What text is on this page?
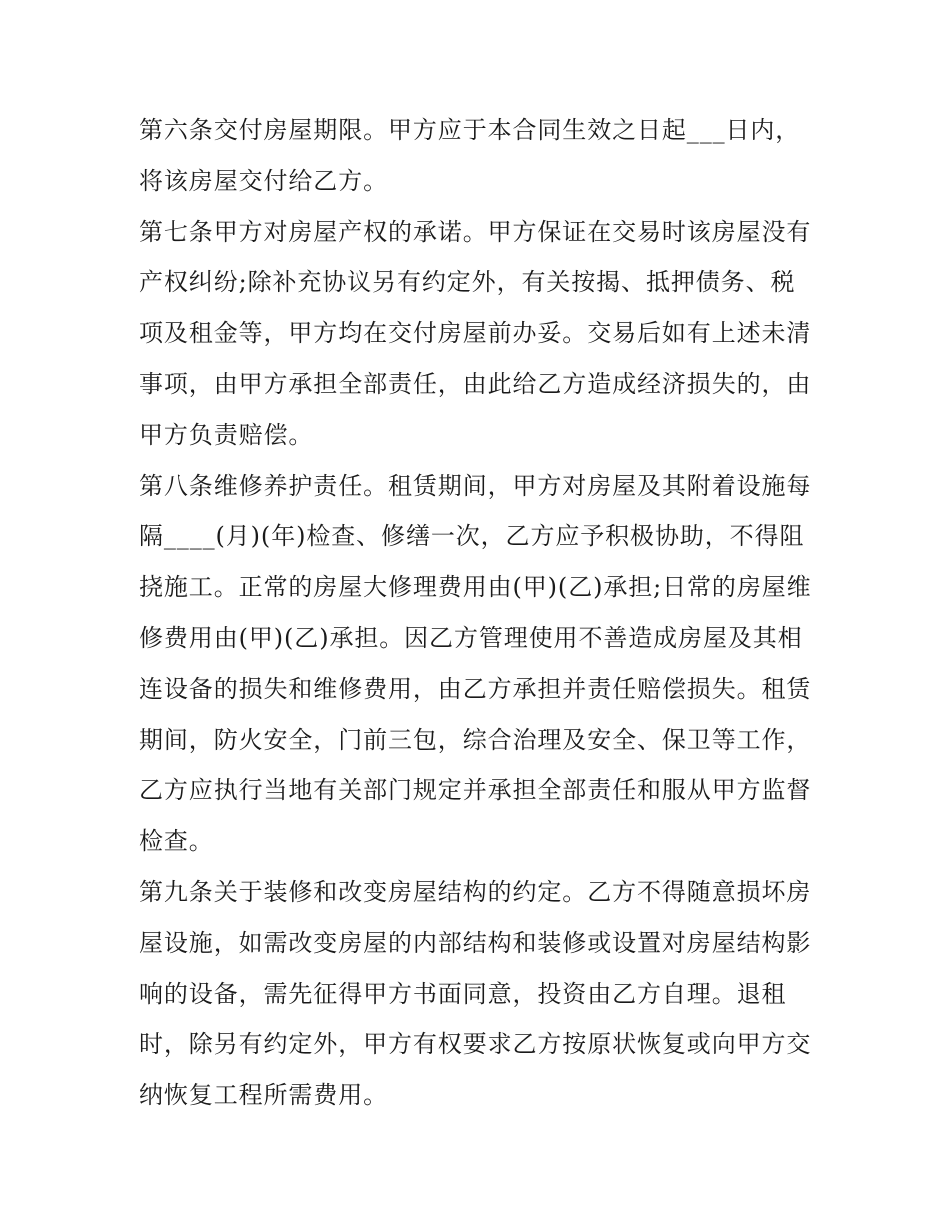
第六条交付房屋期限。甲方应于本合同生效之日起___日内，
将该房屋交付给乙方。
第七条甲方对房屋产权的承诺。甲方保证在交易时该房屋没有
产权纠纷;除补充协议另有约定外，有关按揭、抵押债务、税
项及租金等，甲方均在交付房屋前办妥。交易后如有上述未清
事项，由甲方承担全部责任，由此给乙方造成经济损失的，由
甲方负责赔偿。
第八条维修养护责任。租赁期间，甲方对房屋及其附着设施每
隔____(月)(年)检查、修缮一次，乙方应予积极协助，不得阻
挠施工。正常的房屋大修理费用由(甲)(乙)承担;日常的房屋维
修费用由(甲)(乙)承担。因乙方管理使用不善造成房屋及其相
连设备的损失和维修费用，由乙方承担并责任赔偿损失。租赁
期间，防火安全，门前三包，综合治理及安全、保卫等工作，
乙方应执行当地有关部门规定并承担全部责任和服从甲方监督
检查。
第九条关于装修和改变房屋结构的约定。乙方不得随意损坏房
屋设施，如需改变房屋的内部结构和装修或设置对房屋结构影
响的设备，需先征得甲方书面同意，投资由乙方自理。退租
时，除另有约定外，甲方有权要求乙方按原状恢复或向甲方交
纳恢复工程所需费用。
